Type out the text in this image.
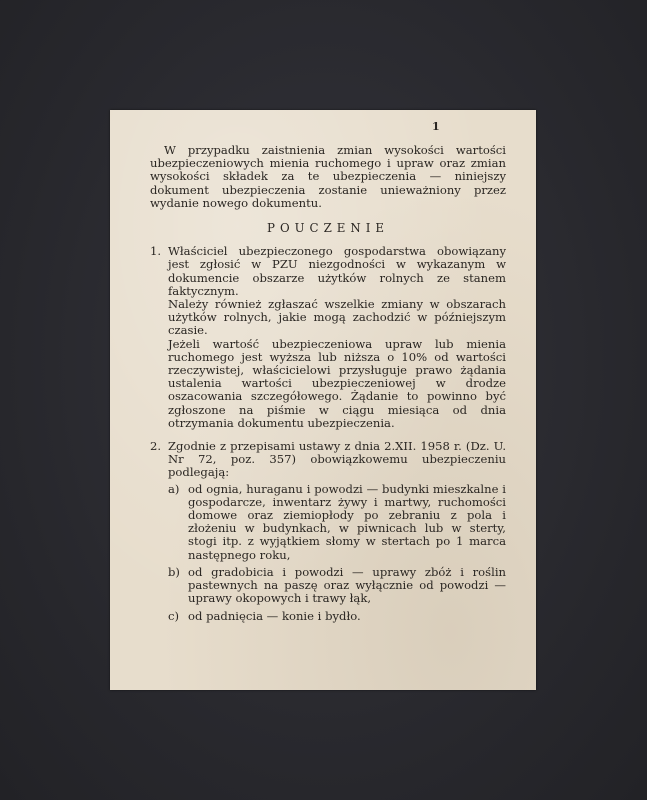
1

W przypadku zaistnienia zmian wysokości wartości ubezpieczeniowych mienia ruchomego i upraw oraz zmian wysokości składek za te ubezpieczenia — niniejszy dokument ubezpieczenia zostanie unieważniony przez wydanie nowego dokumentu.

POUCZENIE
1. Właściciel ubezpieczonego gospodarstwa obowiązany jest zgłosić w PZU niezgodności w wykazanym w dokumencie obszarze użytków rolnych ze stanem faktycznym.

Należy również zgłaszać wszelkie zmiany w obszarach użytków rolnych, jakie mogą zachodzić w późniejszym czasie.

Jeżeli wartość ubezpieczeniowa upraw lub mienia ruchomego jest wyższa lub niższa o 10% od wartości rzeczywistej, właścicielowi przysługuje prawo żądania ustalenia wartości ubezpieczeniowej w drodze oszacowania szczegółowego. Żądanie to powinno być zgłoszone na piśmie w ciągu miesiąca od dnia otrzymania dokumentu ubezpieczenia.

2. Zgodnie z przepisami ustawy z dnia 2.XII. 1958 r. (Dz. U. Nr 72, poz. 357) obowiązkowemu ubezpieczeniu podlegają:

a) od ognia, huraganu i powodzi — budynki mieszkalne i gospodarcze, inwentarz żywy i martwy, ruchomości domowe oraz ziemiopłody po zebraniu z pola i złożeniu w budynkach, w piwnicach lub w sterty, stogi itp. z wyjątkiem słomy w stertach po 1 marca następnego roku,
b) od gradobicia i powodzi — uprawy zbóż i roślin pastewnych na paszę oraz wyłącznie od powodzi — uprawy okopowych i trawy łąk,
c) od padnięcia — konie i bydło.
